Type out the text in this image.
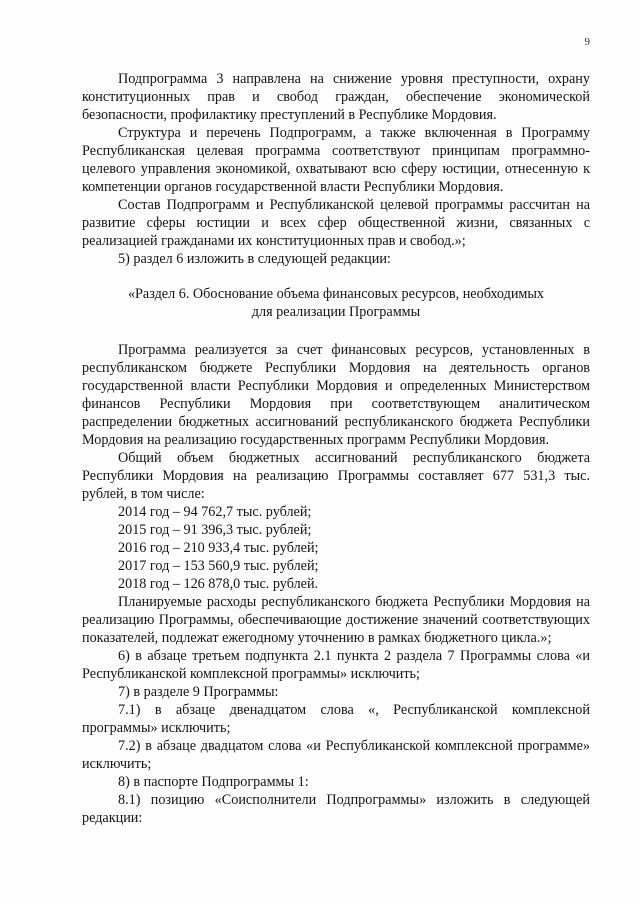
9

Подпрограмма 3 направлена на снижение уровня преступности, охрану конституционных прав и свобод граждан, обеспечение экономической безопасности, профилактику преступлений в Республике Мордовия.

Структура и перечень Подпрограмм, а также включенная в Программу Республиканская целевая программа соответствуют принципам программно-целевого управления экономикой, охватывают всю сферу юстиции, отнесенную к компетенции органов государственной власти Республики Мордовия.

Состав Подпрограмм и Республиканской целевой программы рассчитан на развитие сферы юстиции и всех сфер общественной жизни, связанных с реализацией гражданами их конституционных прав и свобод.»;

5) раздел 6 изложить в следующей редакции:

«Раздел 6. Обоснование объема финансовых ресурсов, необходимых
для реализации Программы

Программа реализуется за счет финансовых ресурсов, установленных в республиканском бюджете Республики Мордовия на деятельность органов государственной власти Республики Мордовия и определенных Министерством финансов Республики Мордовия при соответствующем аналитическом распределении бюджетных ассигнований республиканского бюджета Республики Мордовия на реализацию государственных программ Республики Мордовия.

Общий объем бюджетных ассигнований республиканского бюджета Республики Мордовия на реализацию Программы составляет 677 531,3 тыс. рублей, в том числе:

2014 год – 94 762,7 тыс. рублей;
2015 год – 91 396,3 тыс. рублей;
2016 год – 210 933,4 тыс. рублей;
2017 год – 153 560,9 тыс. рублей;
2018 год – 126 878,0 тыс. рублей.

Планируемые расходы республиканского бюджета Республики Мордовия на реализацию Программы, обеспечивающие достижение значений соответствующих показателей, подлежат ежегодному уточнению в рамках бюджетного цикла.»;

6) в абзаце третьем подпункта 2.1 пункта 2 раздела 7 Программы слова «и Республиканской комплексной программы» исключить;

7) в разделе 9 Программы:

7.1) в абзаце двенадцатом слова «, Республиканской комплексной программы» исключить;

7.2) в абзаце двадцатом слова «и Республиканской комплексной программе» исключить;

8) в паспорте Подпрограммы 1:

8.1) позицию «Соисполнители Подпрограммы» изложить в следующей редакции:
